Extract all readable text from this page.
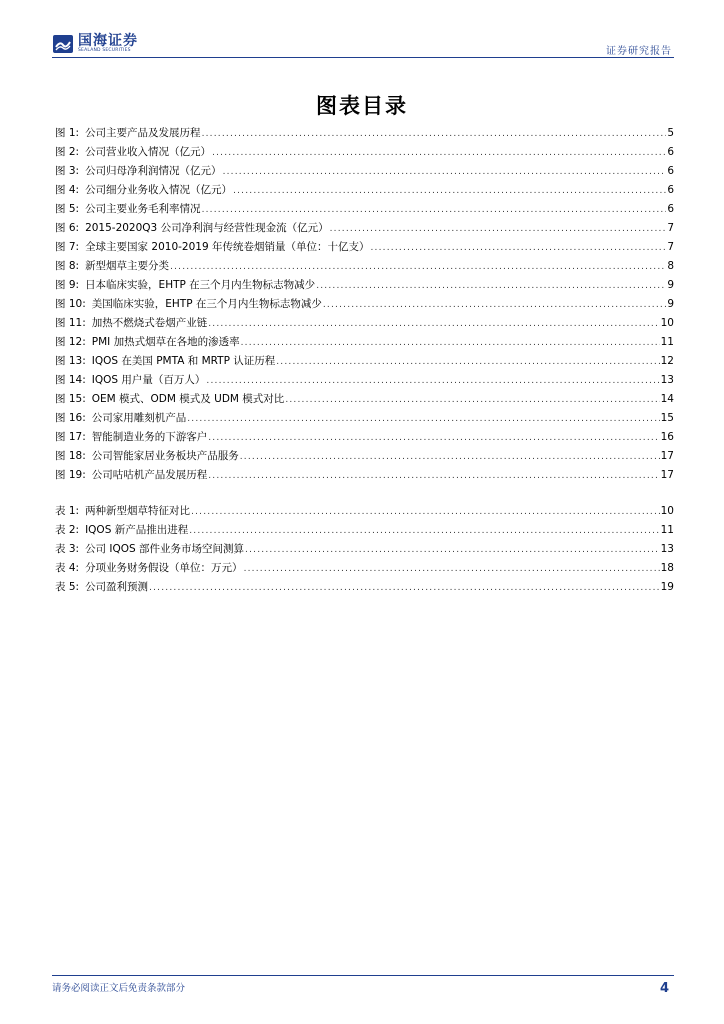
国海证券
SEALAND SECURITIES	证券研究报告
图表目录
图 1: 公司主要产品及发展历程 .....	5
图 2: 公司营业收入情况（亿元） .....	6
图 3: 公司归母净利润情况（亿元） .....	6
图 4: 公司细分业务收入情况（亿元） .....	6
图 5: 公司主要业务毛利率情况 .....	6
图 6: 2015-2020Q3 公司净利润与经营性现金流（亿元） .....	7
图 7: 全球主要国家 2010-2019 年传统卷烟销量（单位：十亿支） .....	7
图 8: 新型烟草主要分类 .....	8
图 9: 日本临床实验，EHTP 在三个月内生物标志物减少 .....	9
图 10: 美国临床实验，EHTP 在三个月内生物标志物减少 .....	9
图 11: 加热不燃烧式卷烟产业链 .....	10
图 12: PMI 加热式烟草在各地的渗透率 .....	11
图 13: IQOS 在美国 PMTA 和 MRTP 认证历程 .....	12
图 14: IQOS 用户量（百万人） .....	13
图 15: OEM 模式、ODM 模式及 UDM 模式对比 .....	14
图 16: 公司家用雕刻机产品 .....	15
图 17: 智能制造业务的下游客户 .....	16
图 18: 公司智能家居业务板块产品服务 .....	17
图 19: 公司咕咕机产品发展历程 .....	17
表 1: 两种新型烟草特征对比 .....	10
表 2: IQOS 新产品推出进程 .....	11
表 3: 公司 IQOS 部件业务市场空间测算 .....	13
表 4: 分项业务财务假设（单位：万元） .....	18
表 5: 公司盈利预测 .....	19
请务必阅读正文后免责条款部分	4
